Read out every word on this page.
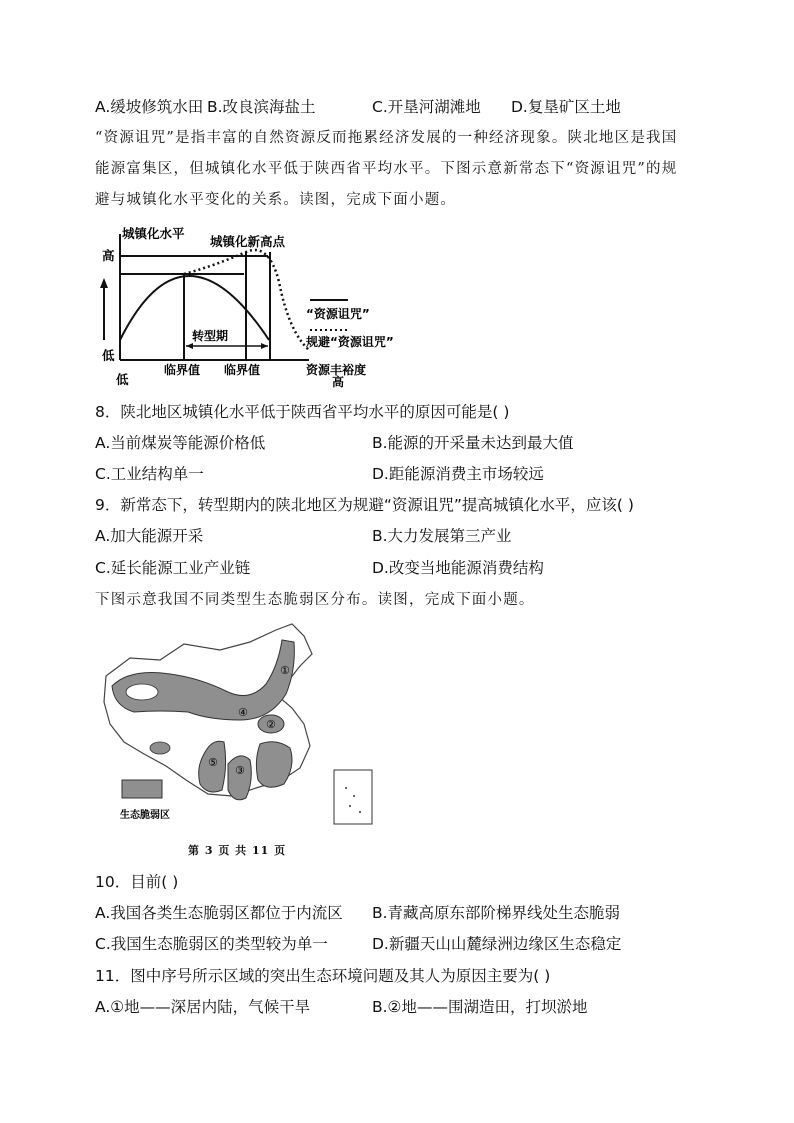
A.缓坡修筑水田 B.改良滨海盐土	C.开垦河湖滩地 D.复垦矿区土地
“资源诅咒”是指丰富的自然资源反而拖累经济发展的一种经济现象。陕北地区是我国
能源富集区，但城镇化水平低于陕西省平均水平。下图示意新常态下“资源诅咒”的规
避与城镇化水平变化的关系。读图，完成下面小题。
城镇化水平
高
低
低
城镇化新高点
转型期
临界值 临界值	资源丰裕度
高
“资源诅咒”
规避“资源诅咒”
8．陕北地区城镇化水平低于陕西省平均水平的原因可能是( )
A.当前煤炭等能源价格低	B.能源的开采量未达到最大值
C.工业结构单一	D.距能源消费主市场较远
9．新常态下，转型期内的陕北地区为规避“资源诅咒”提高城镇化水平，应该( )
A.加大能源开采	B.大力发展第三产业
C.延长能源工业产业链	D.改变当地能源消费结构
下图示意我国不同类型生态脆弱区分布。读图，完成下面小题。
①
②
③
④
⑤
生态脆弱区
第 3 页 共 11 页
10．目前( )
A.我国各类生态脆弱区都位于内流区 B.青藏高原东部阶梯界线处生态脆弱
C.我国生态脆弱区的类型较为单一	D.新疆天山山麓绿洲边缘区生态稳定
11．图中序号所示区域的突出生态环境问题及其人为原因主要为( )
A.①地——深居内陆，气候干旱	B.②地——围湖造田，打坝淤地
